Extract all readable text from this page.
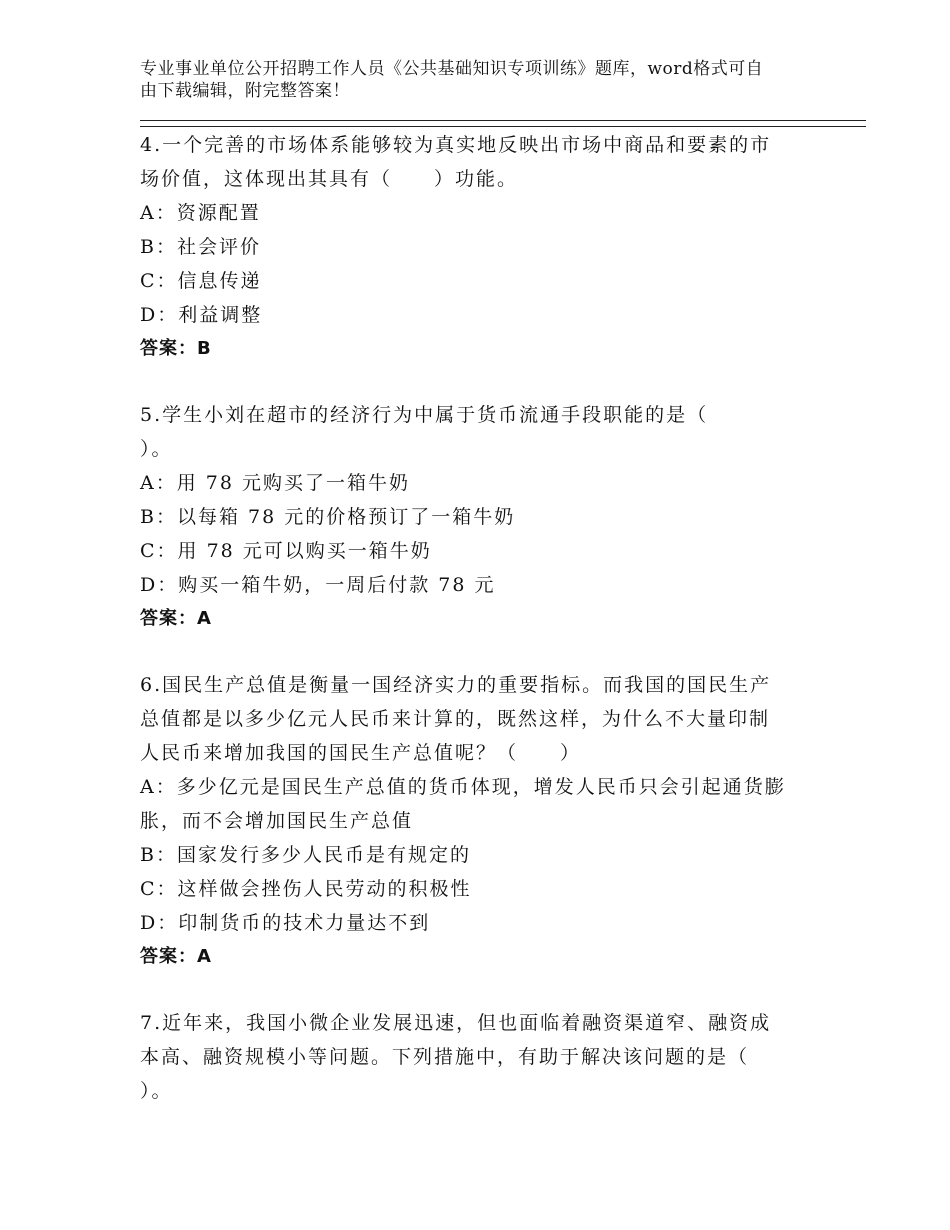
专业事业单位公开招聘工作人员《公共基础知识专项训练》题库，word格式可自
由下载编辑，附完整答案！
4.一个完善的市场体系能够较为真实地反映出市场中商品和要素的市
场价值，这体现出其具有（　　）功能。
A：资源配置
B：社会评价
C：信息传递
D：利益调整
答案：B
5.学生小刘在超市的经济行为中属于货币流通手段职能的是（
）。
A：用 78 元购买了一箱牛奶
B：以每箱 78 元的价格预订了一箱牛奶
C：用 78 元可以购买一箱牛奶
D：购买一箱牛奶，一周后付款 78 元
答案：A
6.国民生产总值是衡量一国经济实力的重要指标。而我国的国民生产
总值都是以多少亿元人民币来计算的，既然这样，为什么不大量印制
人民币来增加我国的国民生产总值呢？（　　）
A：多少亿元是国民生产总值的货币体现，增发人民币只会引起通货膨
胀，而不会增加国民生产总值
B：国家发行多少人民币是有规定的
C：这样做会挫伤人民劳动的积极性
D：印制货币的技术力量达不到
答案：A
7.近年来，我国小微企业发展迅速，但也面临着融资渠道窄、融资成
本高、融资规模小等问题。下列措施中，有助于解决该问题的是（
）。
